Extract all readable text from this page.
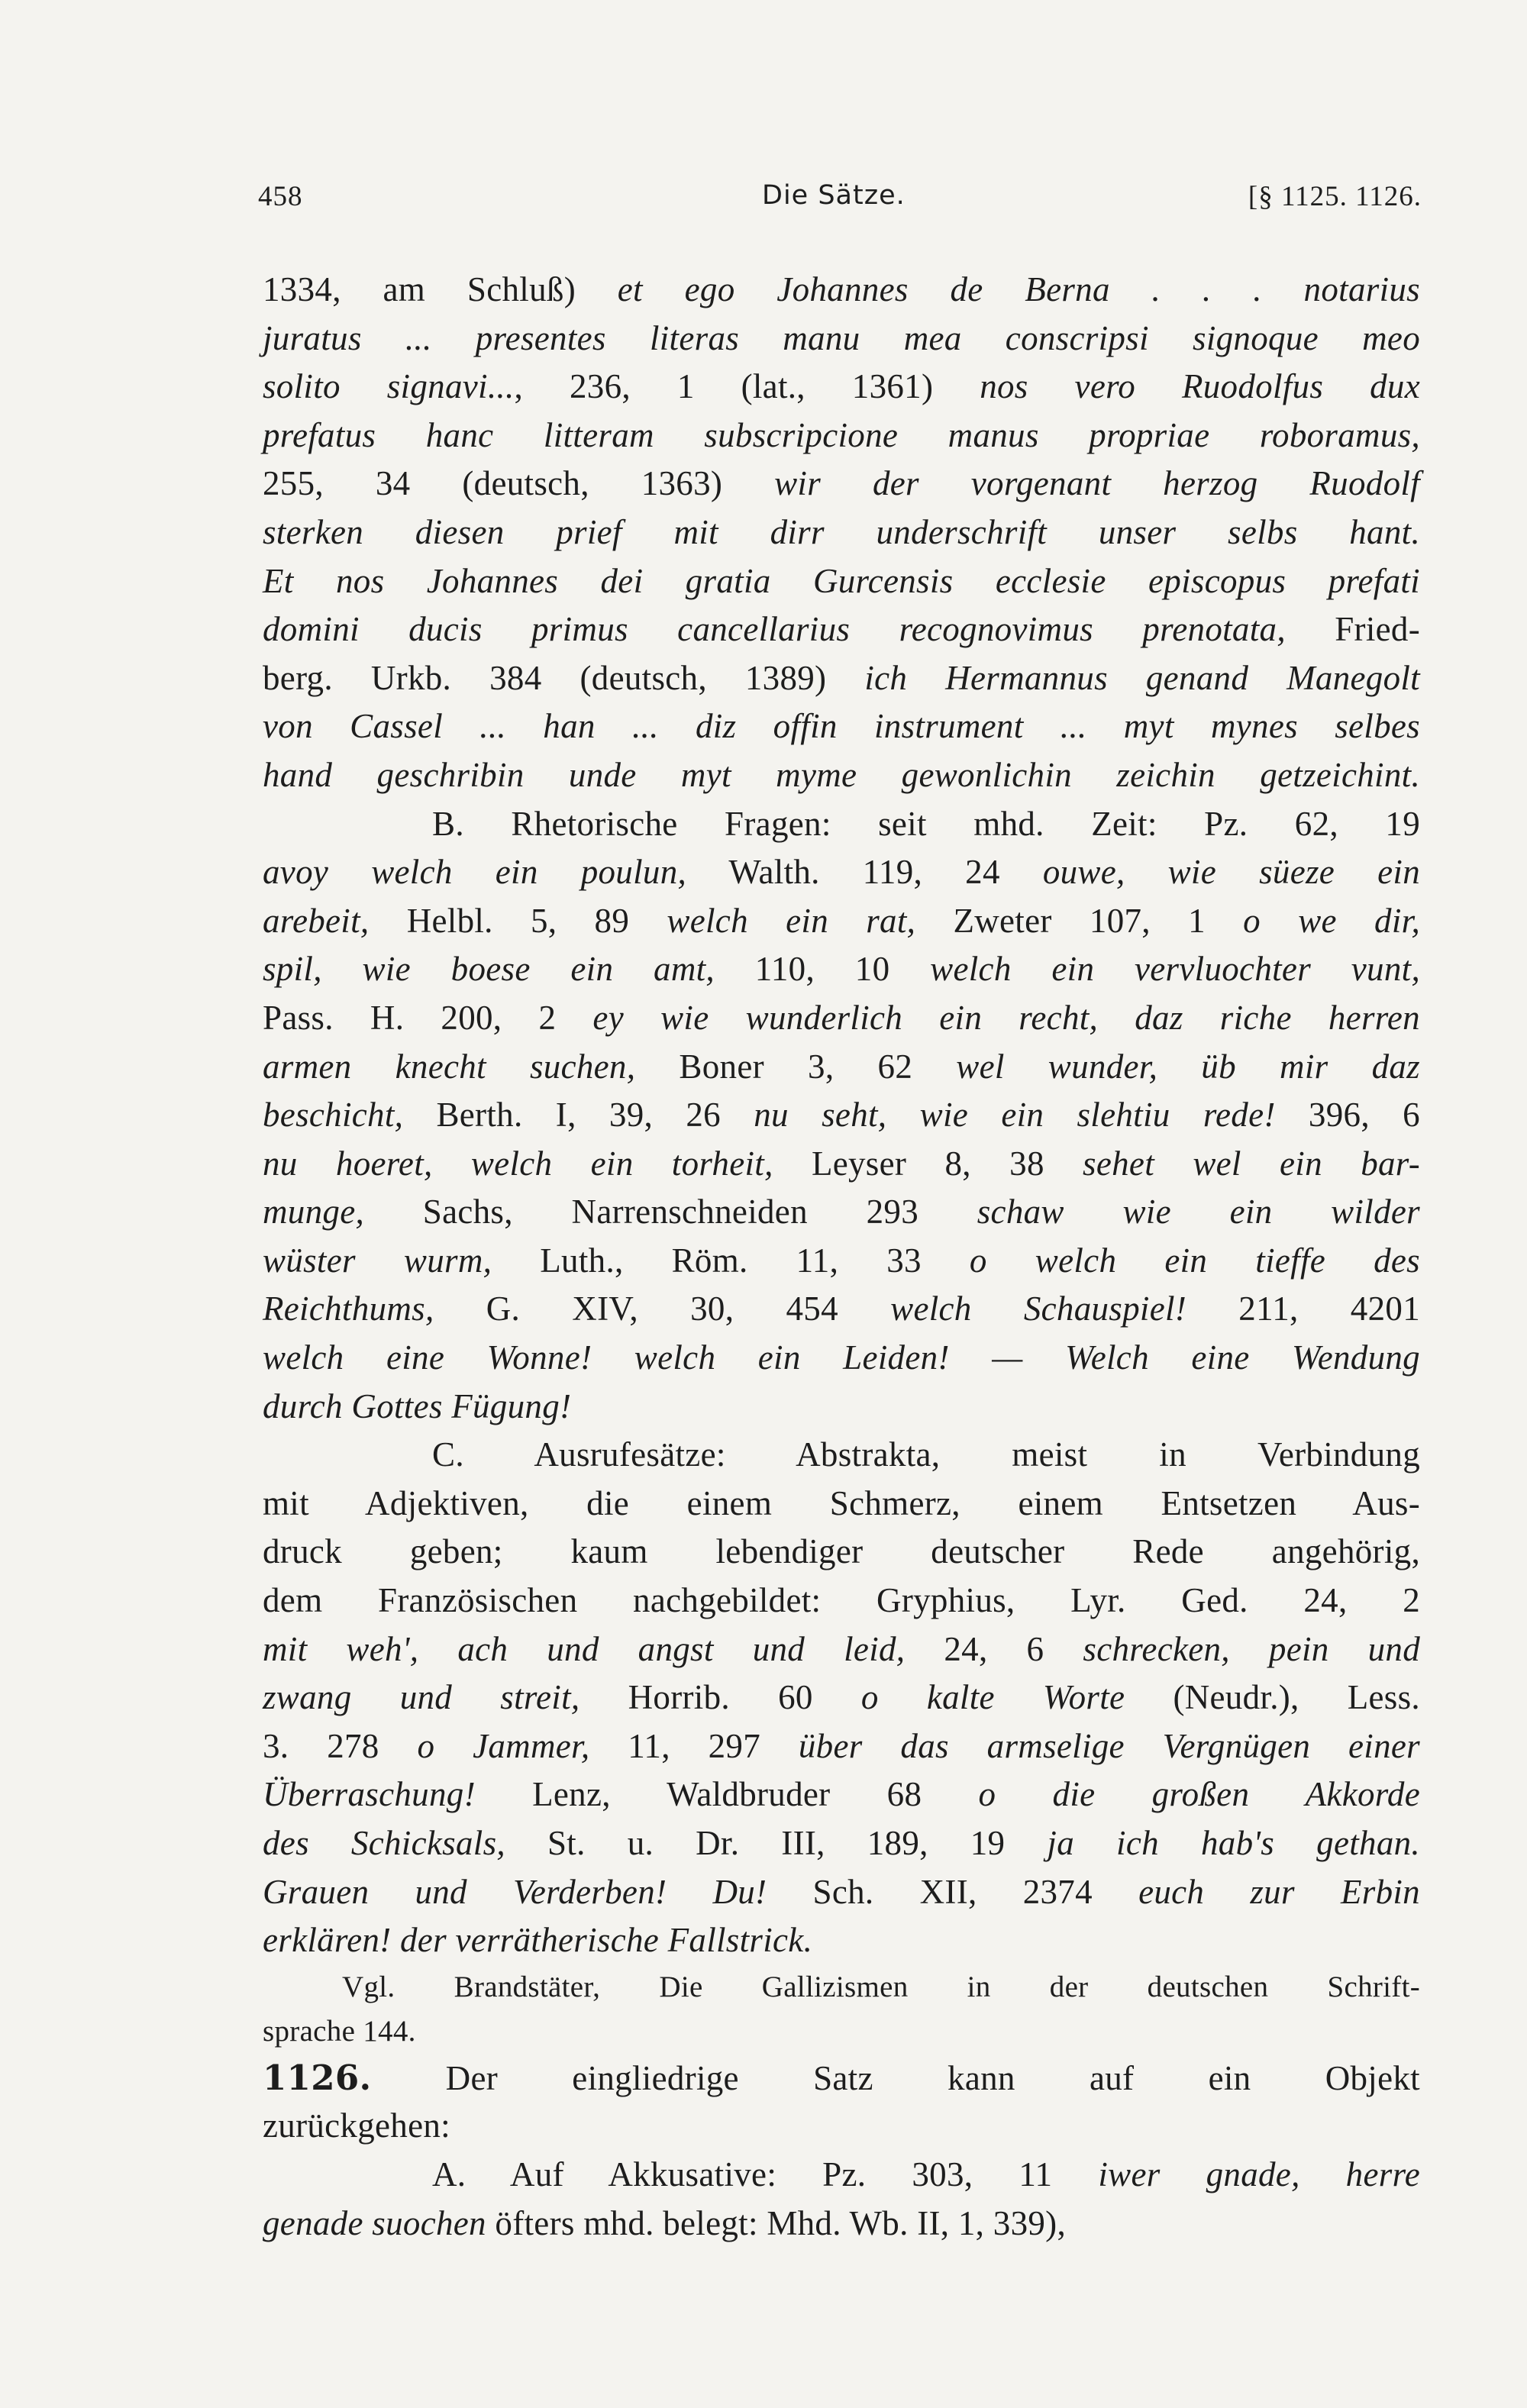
458	Die Sätze.	[§ 1125. 1126.
1334, am Schluß) et ego Johannes de Berna . . . notarius
juratus ... presentes literas manu mea conscripsi signoque meo
solito signavi..., 236, 1 (lat., 1361) nos vero Ruodolfus dux
prefatus hanc litteram subscripcione manus propriae roboramus,
255, 34 (deutsch, 1363) wir der vorgenant herzog Ruodolf
sterken diesen prief mit dirr underschrift unser selbs hant.
Et nos Johannes dei gratia Gurcensis ecclesie episcopus prefati
domini ducis primus cancellarius recognovimus prenotata, Fried-
berg. Urkb. 384 (deutsch, 1389) ich Hermannus genand Manegolt
von Cassel ... han ... diz offin instrument ... myt mynes selbes
hand geschribin unde myt myme gewonlichin zeichin getzeichint.
B. Rhetorische Fragen: seit mhd. Zeit: Pz. 62, 19
avoy welch ein poulun, Walth. 119, 24 ouwe, wie süeze ein
arebeit, Helbl. 5, 89 welch ein rat, Zweter 107, 1 o we dir,
spil, wie boese ein amt, 110, 10 welch ein vervluochter vunt,
Pass. H. 200, 2 ey wie wunderlich ein recht, daz riche herren
armen knecht suchen, Boner 3, 62 wel wunder, üb mir daz
beschicht, Berth. I, 39, 26 nu seht, wie ein slehtiu rede! 396, 6
nu hoeret, welch ein torheit, Leyser 8, 38 sehet wel ein bar-
munge, Sachs, Narrenschneiden 293 schaw wie ein wilder
wüster wurm, Luth., Röm. 11, 33 o welch ein tieffe des
Reichthums, G. XIV, 30, 454 welch Schauspiel! 211, 4201
welch eine Wonne! welch ein Leiden! — Welch eine Wendung
durch Gottes Fügung!
C. Ausrufesätze: Abstrakta, meist in Verbindung
mit Adjektiven, die einem Schmerz, einem Entsetzen Aus-
druck geben; kaum lebendiger deutscher Rede angehörig,
dem Französischen nachgebildet: Gryphius, Lyr. Ged. 24, 2
mit weh', ach und angst und leid, 24, 6 schrecken, pein und
zwang und streit, Horrib. 60 o kalte Worte (Neudr.), Less.
3. 278 o Jammer, 11, 297 über das armselige Vergnügen einer
Überraschung! Lenz, Waldbruder 68 o die großen Akkorde
des Schicksals, St. u. Dr. III, 189, 19 ja ich hab's gethan.
Grauen und Verderben! Du! Sch. XII, 2374 euch zur Erbin
erklären! der verrätherische Fallstrick.
Vgl. Brandstäter, Die Gallizismen in der deutschen Schrift-
sprache 144.
1126. Der eingliedrige Satz kann auf ein Objekt
zurückgehen:
A. Auf Akkusative: Pz. 303, 11 iwer gnade, herre
genade suochen öfters mhd. belegt: Mhd. Wb. II, 1, 339),
